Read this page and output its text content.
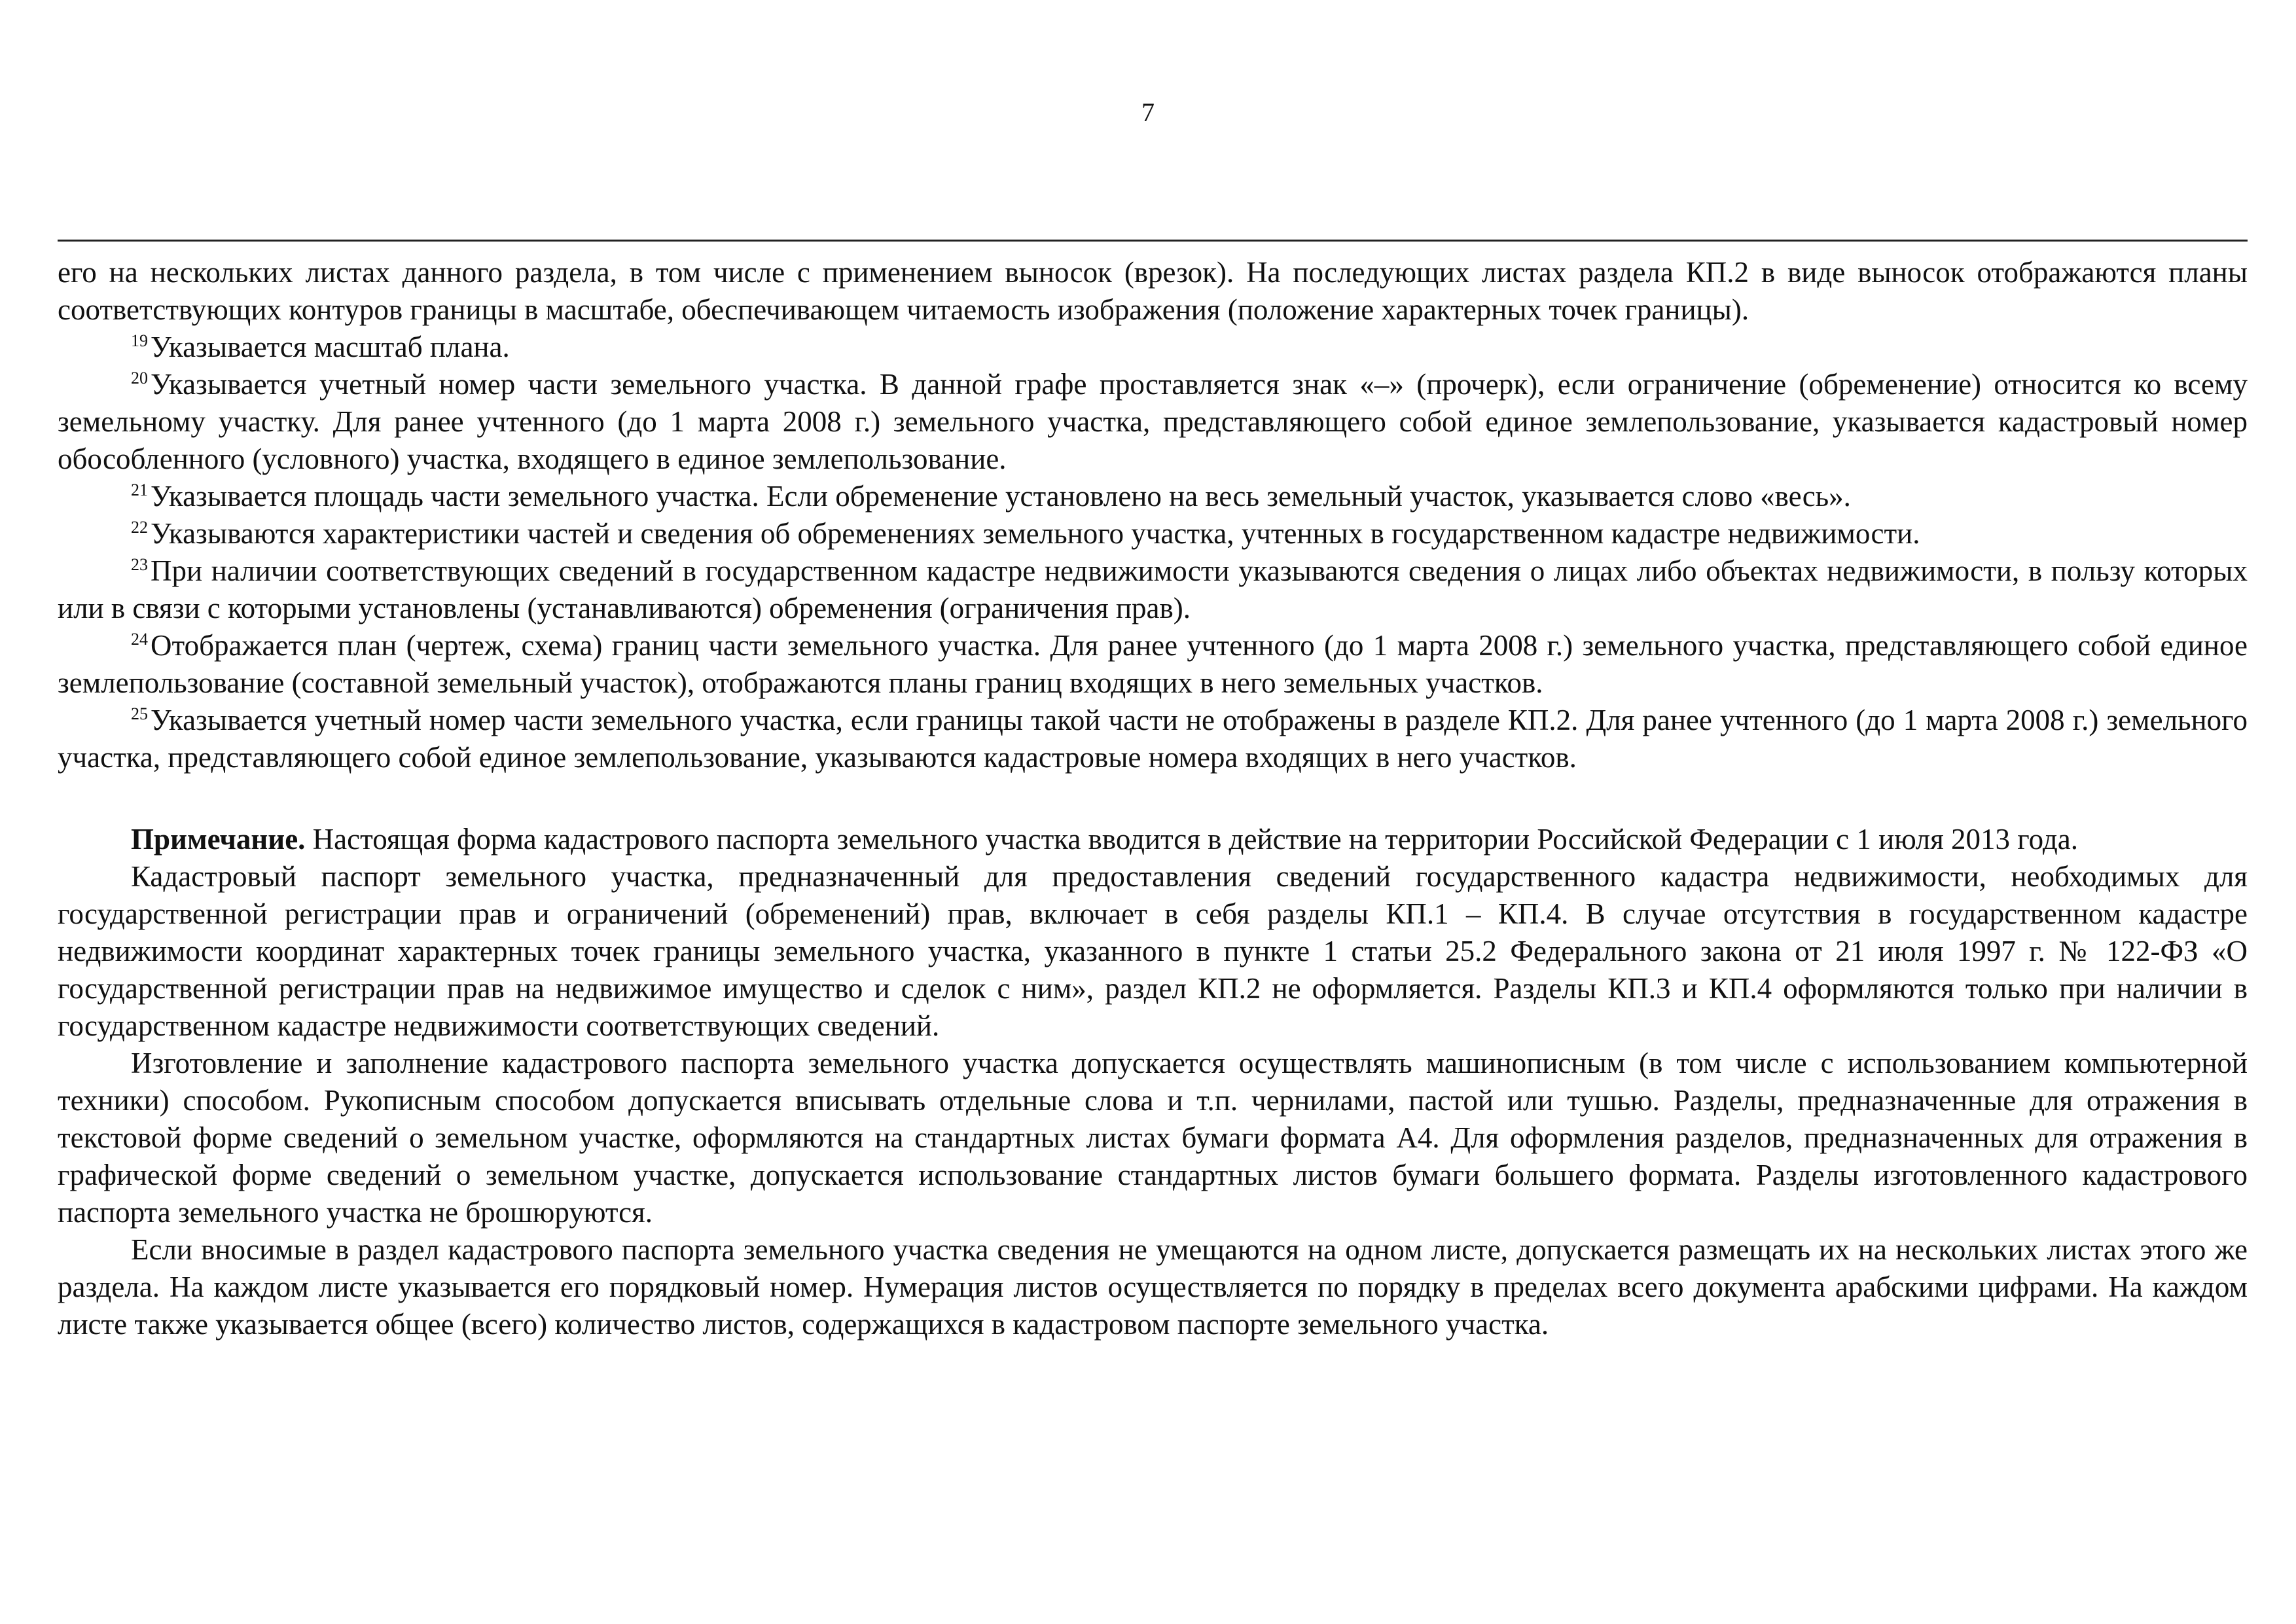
7

его на нескольких листах данного раздела, в том числе с применением выносок (врезок). На последующих листах раздела КП.2 в виде выносок отображаются планы соответствующих контуров границы в масштабе, обеспечивающем читаемость изображения (положение характерных точек границы).

$^{19}$Указывается масштаб плана.

$^{20}$Указывается учетный номер части земельного участка. В данной графе проставляется знак «–» (прочерк), если ограничение (обременение) относится ко всему земельному участку. Для ранее учтенного (до 1 марта 2008 г.) земельного участка, представляющего собой единое землепользование, указывается кадастровый номер обособленного (условного) участка, входящего в единое землепользование.

$^{21}$Указывается площадь части земельного участка. Если обременение установлено на весь земельный участок, указывается слово «весь».

$^{22}$Указываются характеристики частей и сведения об обременениях земельного участка, учтенных в государственном кадастре недвижимости.

$^{23}$При наличии соответствующих сведений в государственном кадастре недвижимости указываются сведения о лицах либо объектах недвижимости, в пользу которых или в связи с которыми установлены (устанавливаются) обременения (ограничения прав).

$^{24}$Отображается план (чертеж, схема) границ части земельного участка. Для ранее учтенного (до 1 марта 2008 г.) земельного участка, представляющего собой единое землепользование (составной земельный участок), отображаются планы границ входящих в него земельных участков.

$^{25}$Указывается учетный номер части земельного участка, если границы такой части не отображены в разделе КП.2. Для ранее учтенного (до 1 марта 2008 г.) земельного участка, представляющего собой единое землепользование, указываются кадастровые номера входящих в него участков.

Примечание. Настоящая форма кадастрового паспорта земельного участка вводится в действие на территории Российской Федерации с 1 июля 2013 года.

Кадастровый паспорт земельного участка, предназначенный для предоставления сведений государственного кадастра недвижимости, необходимых для государственной регистрации прав и ограничений (обременений) прав, включает в себя разделы КП.1 – КП.4. В случае отсутствия в государственном кадастре недвижимости координат характерных точек границы земельного участка, указанного в пункте 1 статьи 25.2 Федерального закона от 21 июля 1997 г. № 122-ФЗ «О государственной регистрации прав на недвижимое имущество и сделок с ним», раздел КП.2 не оформляется. Разделы КП.3 и КП.4 оформляются только при наличии в государственном кадастре недвижимости соответствующих сведений.

Изготовление и заполнение кадастрового паспорта земельного участка допускается осуществлять машинописным (в том числе с использованием компьютерной техники) способом. Рукописным способом допускается вписывать отдельные слова и т.п. чернилами, пастой или тушью. Разделы, предназначенные для отражения в текстовой форме сведений о земельном участке, оформляются на стандартных листах бумаги формата А4. Для оформления разделов, предназначенных для отражения в графической форме сведений о земельном участке, допускается использование стандартных листов бумаги большего формата. Разделы изготовленного кадастрового паспорта земельного участка не брошюруются.

Если вносимые в раздел кадастрового паспорта земельного участка сведения не умещаются на одном листе, допускается размещать их на нескольких листах этого же раздела. На каждом листе указывается его порядковый номер. Нумерация листов осуществляется по порядку в пределах всего документа арабскими цифрами. На каждом листе также указывается общее (всего) количество листов, содержащихся в кадастровом паспорте земельного участка.
